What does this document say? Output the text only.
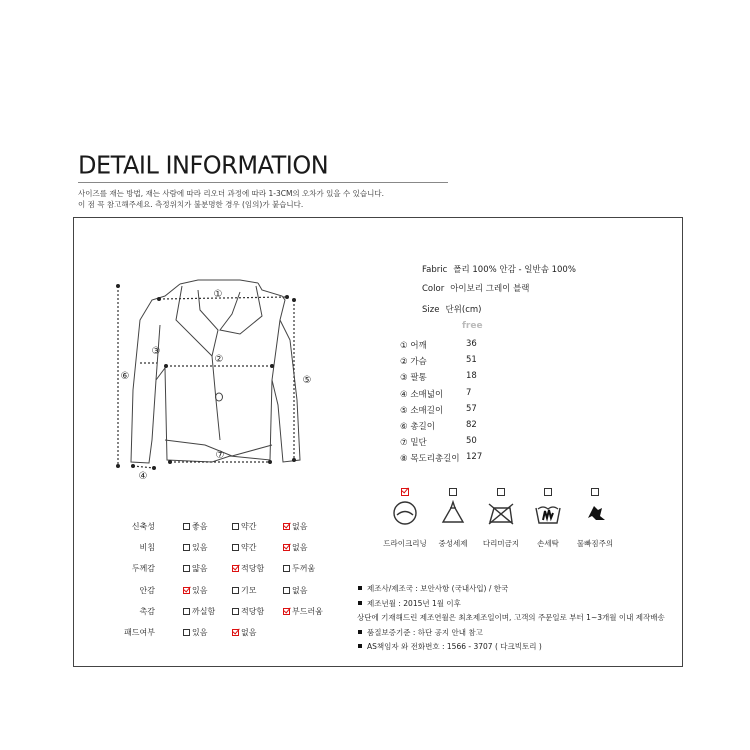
DETAIL INFORMATION
사이즈를 재는 방법, 재는 사람에 따라 리오더 과정에 따라 1-3CM의 오차가 있을 수 있습니다.
이 점 꼭 참고해주세요. 측정위치가 불분명한 경우 (임의)가 붙습니다.
①
②
③
④
⑤
⑥
⑦
Fabric 폴리 100% 안감 - 일반솜 100%
Color 아이보리 그레이 블랙
Size 단위(cm)
free
① 어깨	36
② 가슴	51
③ 팔통	18
④ 소매넓이	7
⑤ 소매길이	57
⑥ 총길이	82
⑦ 밑단	50
⑧ 목도리총길이 127
드라이크리닝	중성세제	다리미금지	손세탁	물빠짐주의
신축성	좋음	약간	없음
비침	있음	약간	없음
두께감	얇음	적당함	두꺼움
안감	있음	기모	없음
촉감	까실함	적당함	부드러움
패드여부	있음	없음
제조사/제조국 : 보안사항 (국내사입) / 한국
제조년월 : 2015년 1월 이후
상단에 기재해드린 제조연월은 최초제조일이며, 고객의 주문일로 부터 1~3개월 이내 제작배송
품질보증기준 : 하단 공지 안내 참고
AS책임자 와 전화번호 : 1566 - 3707 ( 다크빅토리 )
